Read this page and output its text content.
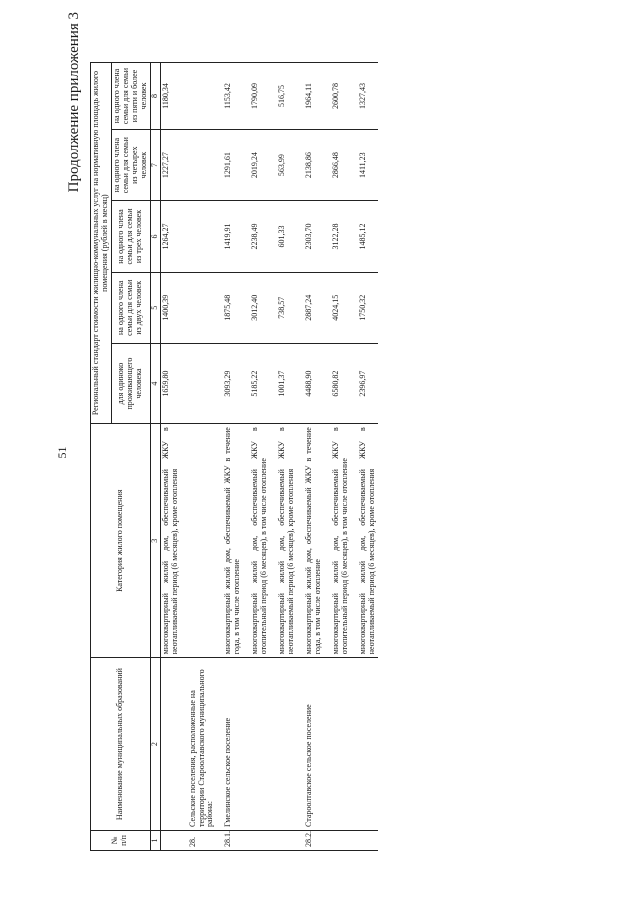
51
Продолжение приложения 3
№ п/п	Наименование муниципальных образований	Категория жилого помещения	Региональный стандарт стоимости жилищно-коммунальных услуг на нормативную площадь жилого помещения (рублей в месяц)				
			для одиноко проживающего человека	на одного члена семьи для семьи из двух человек	на одного члена семьи для семьи из трех человек	на одного члена семьи для семьи из четырех человек	на одного члена семьи для семьи из пяти и более человек
1	2	3	4	5	6	7	8
		многоквартирный жилой дом, обеспечиваемый ЖКУ в неотапливаемый период (6 месяцев), кроме отопления	1659,80	1400,39	1264,27	1227,27	1180,34
28.	Сельские поселения, расположенные на территории Староолтавского муниципального района:						
28.1.	Гмелинское сельское поселение	многоквартирный жилой дом, обеспечиваемый ЖКУ в течение года, в том числе отопление	3093,29	1875,48	1419,91	1291,61	1153,42
		многоквартирный жилой дом, обеспечиваемый ЖКУ в отопительный период (6 месяцев), в том числе отопление	5185,22	3012,40	2238,49	2019,24	1790,09
		многоквартирный жилой дом, обеспечиваемый ЖКУ в неотапливаемый период (6 месяцев), кроме отопления	1001,37	738,57	601,33	563,99	516,75
28.2.	Староолтавское сельское поселение	многоквартирный жилой дом, обеспечиваемый ЖКУ в течение года, в том числе отопление	4488,90	2887,24	2303,70	2138,86	1964,11
		многоквартирный жилой дом, обеспечиваемый ЖКУ в отопительный период (6 месяцев), в том числе отопление	6580,82	4024,15	3122,28	2866,48	2600,78
		многоквартирный жилой дом, обеспечиваемый ЖКУ в неотапливаемый период (6 месяцев), кроме отопления	2396,97	1750,32	1485,12	1411,23	1327,43
